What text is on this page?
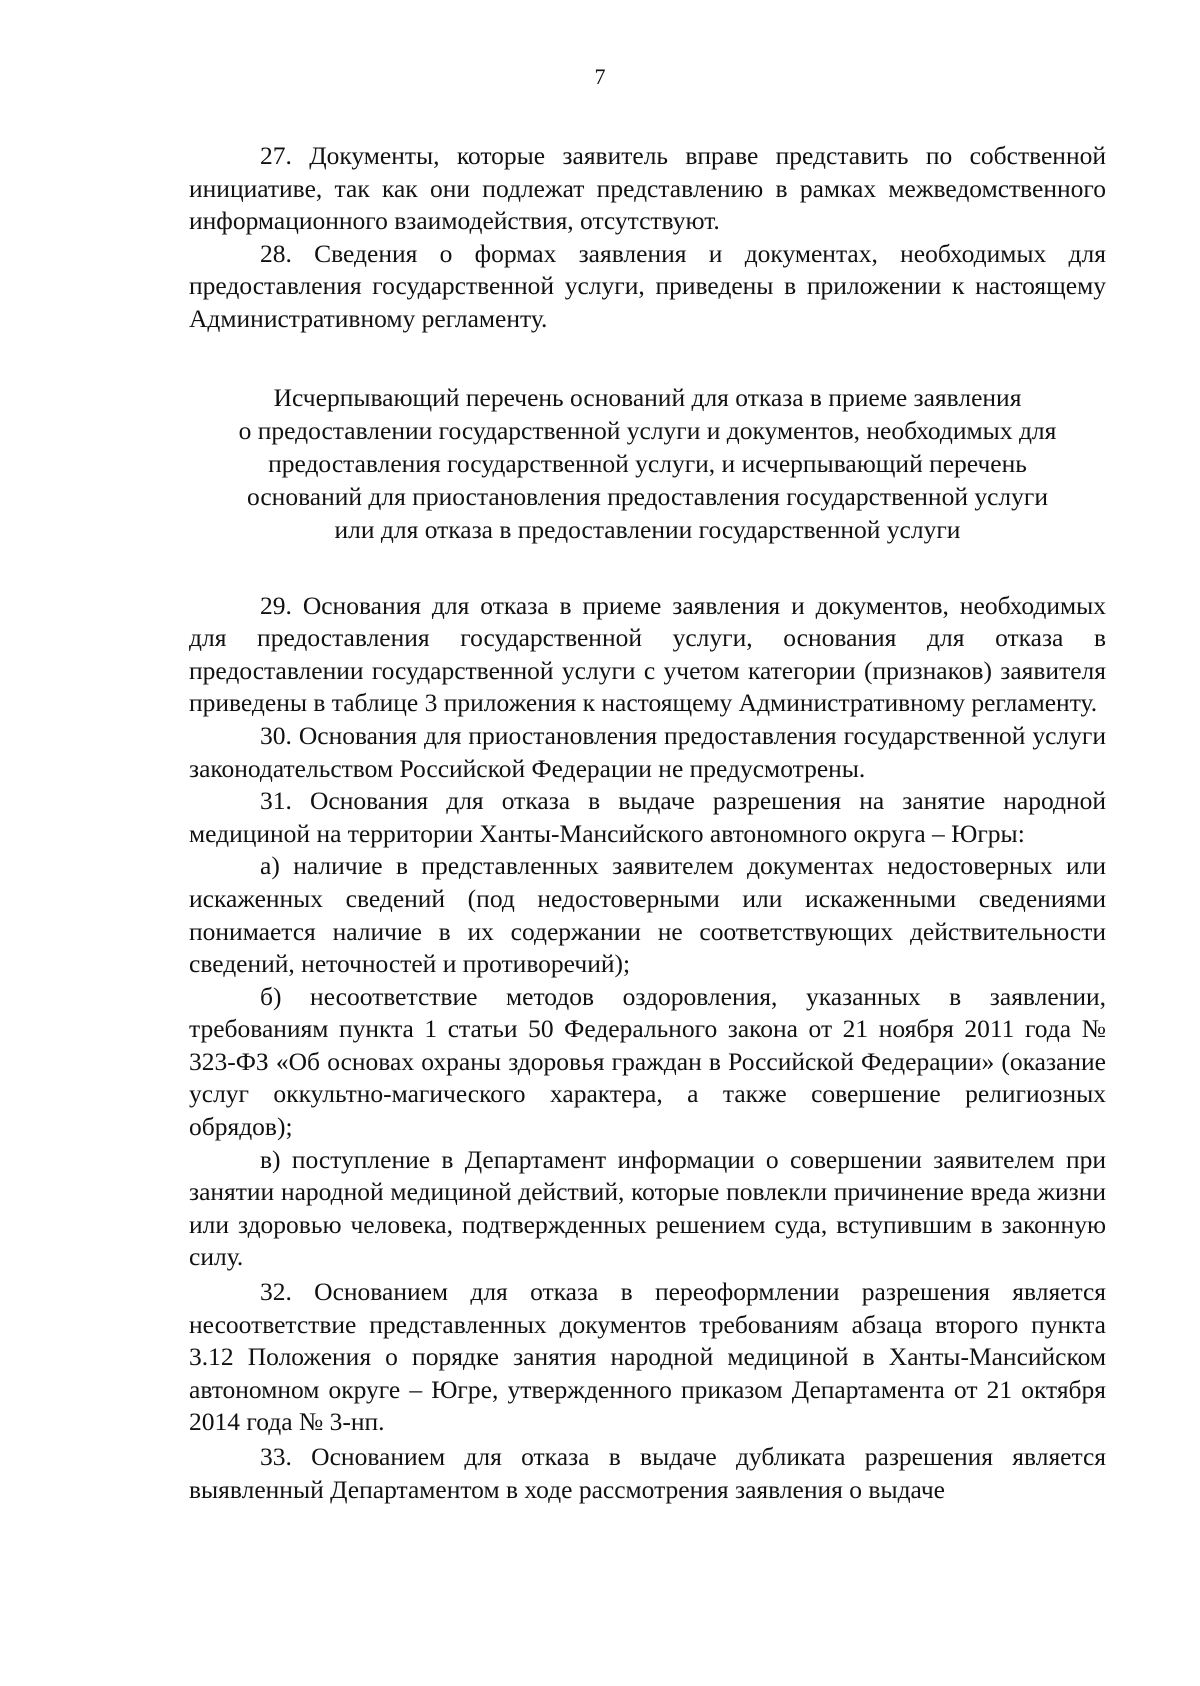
7

27. Документы, которые заявитель вправе представить по собственной инициативе, так как они подлежат представлению в рамках межведомственного информационного взаимодействия, отсутствуют.

28. Сведения о формах заявления и документах, необходимых для предоставления государственной услуги, приведены в приложении к настоящему Административному регламенту.

Исчерпывающий перечень оснований для отказа в приеме заявления
о предоставлении государственной услуги и документов, необходимых для
предоставления государственной услуги, и исчерпывающий перечень
оснований для приостановления предоставления государственной услуги
или для отказа в предоставлении государственной услуги

29. Основания для отказа в приеме заявления и документов, необходимых для предоставления государственной услуги, основания для отказа в предоставлении государственной услуги с учетом категории (признаков) заявителя приведены в таблице 3 приложения к настоящему Административному регламенту.

30. Основания для приостановления предоставления государственной услуги законодательством Российской Федерации не предусмотрены.

31. Основания для отказа в выдаче разрешения на занятие народной медициной на территории Ханты-Мансийского автономного округа – Югры:

а) наличие в представленных заявителем документах недостоверных или искаженных сведений (под недостоверными или искаженными сведениями понимается наличие в их содержании не соответствующих действительности сведений, неточностей и противоречий);

б) несоответствие методов оздоровления, указанных в заявлении, требованиям пункта 1 статьи 50 Федерального закона от 21 ноября 2011 года № 323-ФЗ «Об основах охраны здоровья граждан в Российской Федерации» (оказание услуг оккультно-магического характера, а также совершение религиозных обрядов);

в) поступление в Департамент информации о совершении заявителем при занятии народной медициной действий, которые повлекли причинение вреда жизни или здоровью человека, подтвержденных решением суда, вступившим в законную силу.

32. Основанием для отказа в переоформлении разрешения является несоответствие представленных документов требованиям абзаца второго пункта 3.12 Положения о порядке занятия народной медициной в Ханты-Мансийском автономном округе – Югре, утвержденного приказом Департамента от 21 октября 2014 года № 3-нп.

33. Основанием для отказа в выдаче дубликата разрешения является выявленный Департаментом в ходе рассмотрения заявления о выдаче
